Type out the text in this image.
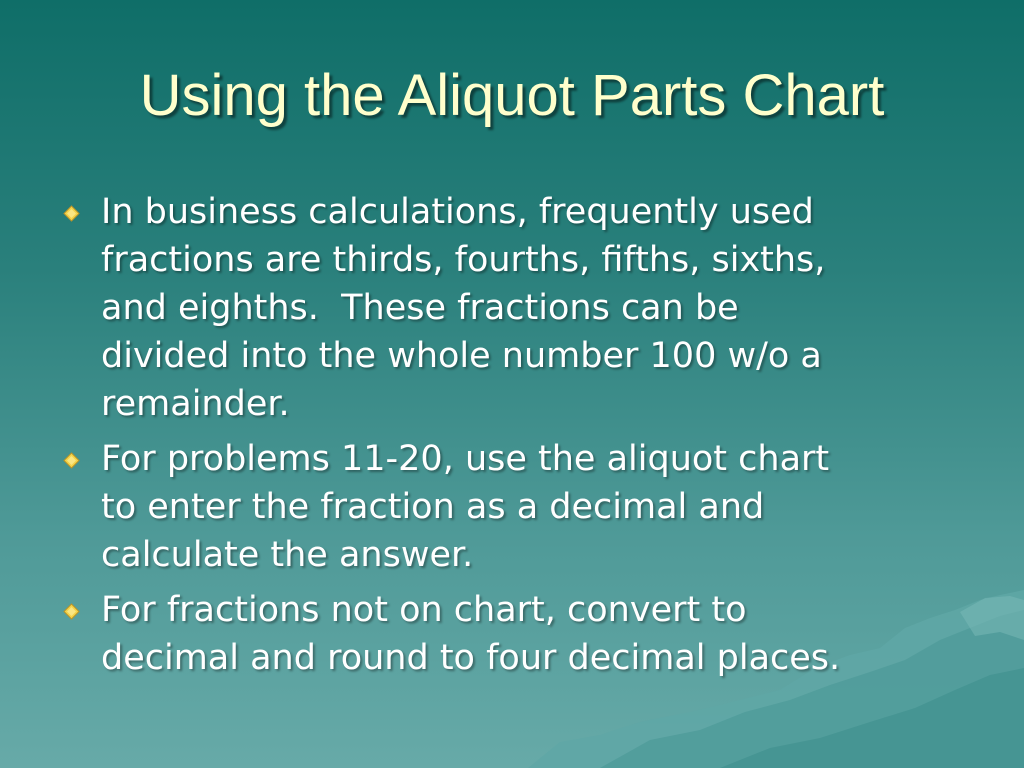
Using the Aliquot Parts Chart
In business calculations, frequently used
fractions are thirds, fourths, fifths, sixths,
and eighths.  These fractions can be
divided into the whole number 100 w/o a
remainder.
For problems 11-20, use the aliquot chart
to enter the fraction as a decimal and
calculate the answer.
For fractions not on chart, convert to
decimal and round to four decimal places.
